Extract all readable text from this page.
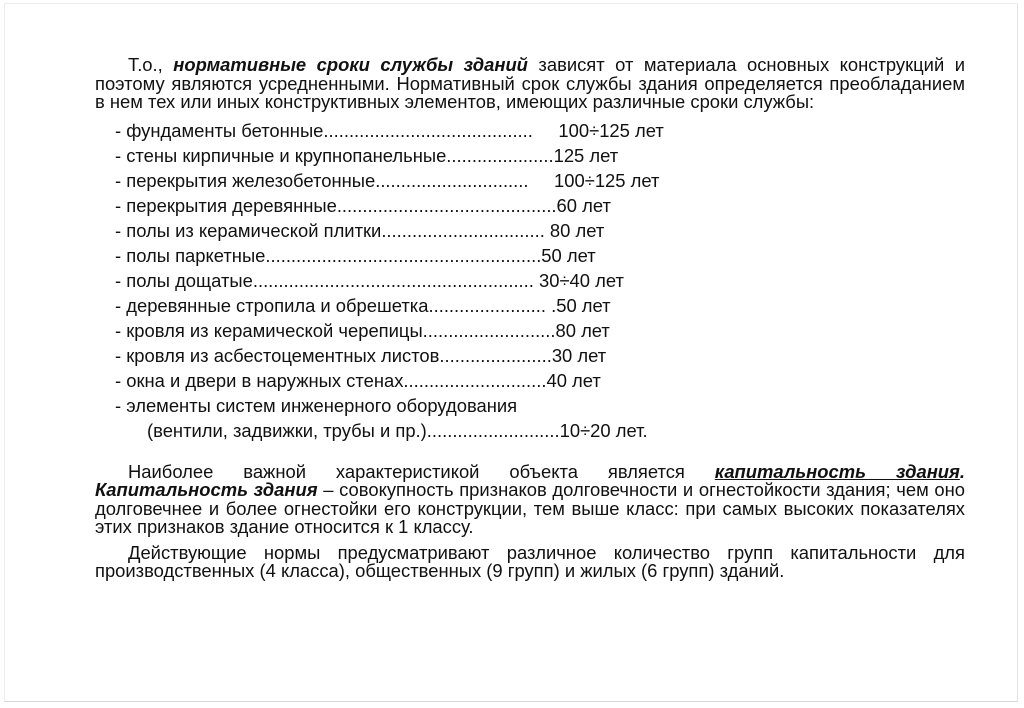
Т.о., нормативные сроки службы зданий зависят от материала основных конструкций и поэтому являются усредненными. Нормативный срок службы здания определяется преобладанием в нем тех или иных конструктивных элементов, имеющих различные сроки службы:

- фундаменты бетонные.........................................     100÷125 лет
- стены кирпичные и крупнопанельные.....................125 лет
- перекрытия железобетонные..............................     100÷125 лет
- перекрытия деревянные...........................................60 лет
- полы из керамической плитки................................ 80 лет
- полы паркетные......................................................50 лет
- полы дощатые....................................................... 30÷40 лет
- деревянные стропила и обрешетка....................... .50 лет
- кровля из керамической черепицы..........................80 лет
- кровля из асбестоцементных листов......................30 лет
- окна и двери в наружных стенах............................40 лет
- элементы систем инженерного оборудования
(вентили, задвижки, трубы и пр.)..........................10÷20 лет.

Наиболее важной характеристикой объекта является капитальность здания. Капитальность здания – совокупность признаков долговечности и огнестойкости здания; чем оно долговечнее и более огнестойки его конструкции, тем выше класс: при самых высоких показателях этих признаков здание относится к 1 классу.

Действующие нормы предусматривают различное количество групп капитальности для производственных (4 класса), общественных (9 групп) и жилых (6 групп) зданий.
